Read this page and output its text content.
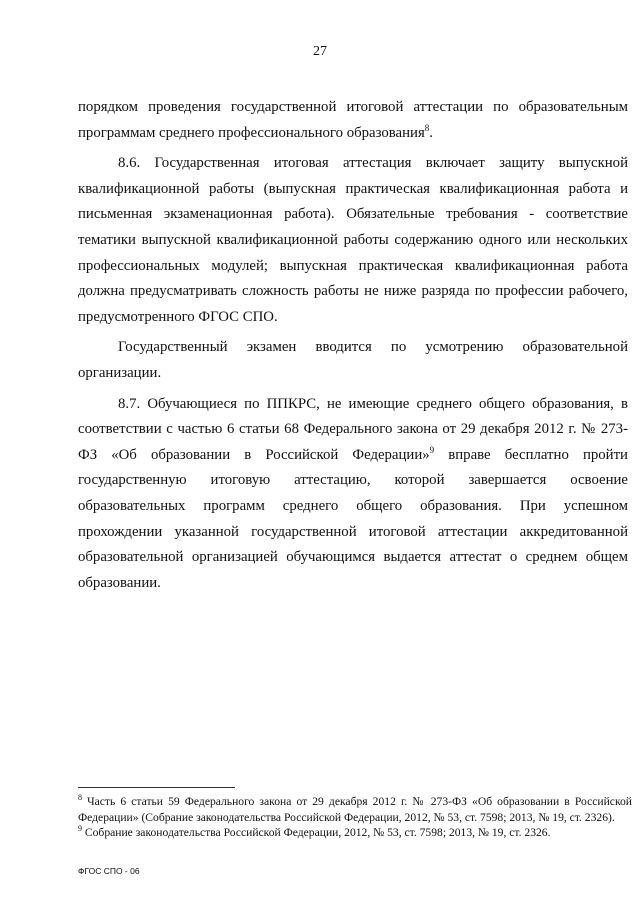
27

порядком проведения государственной итоговой аттестации по образовательным программам среднего профессионального образования$^8$.

8.6. Государственная итоговая аттестация включает защиту выпускной квалификационной работы (выпускная практическая квалификационная работа и письменная экзаменационная работа). Обязательные требования - соответствие тематики выпускной квалификационной работы содержанию одного или нескольких профессиональных модулей; выпускная практическая квалификационная работа должна предусматривать сложность работы не ниже разряда по профессии рабочего, предусмотренного ФГОС СПО.

Государственный экзамен вводится по усмотрению образовательной организации.

8.7. Обучающиеся по ППКРС, не имеющие среднего общего образования, в соответствии с частью 6 статьи 68 Федерального закона от 29 декабря 2012 г. № 273-ФЗ «Об образовании в Российской Федерации»$^9$ вправе бесплатно пройти государственную итоговую аттестацию, которой завершается освоение образовательных программ среднего общего образования. При успешном прохождении указанной государственной итоговой аттестации аккредитованной образовательной организацией обучающимся выдается аттестат о среднем общем образовании.

$^8$ Часть 6 статьи 59 Федерального закона от 29 декабря 2012 г. № 273-ФЗ «Об образовании в Российской Федерации» (Собрание законодательства Российской Федерации, 2012, № 53, ст. 7598; 2013, № 19, ст. 2326).

$^9$ Собрание законодательства Российской Федерации, 2012, № 53, ст. 7598; 2013, № 19, ст. 2326.

ФГОС СПО - 06
